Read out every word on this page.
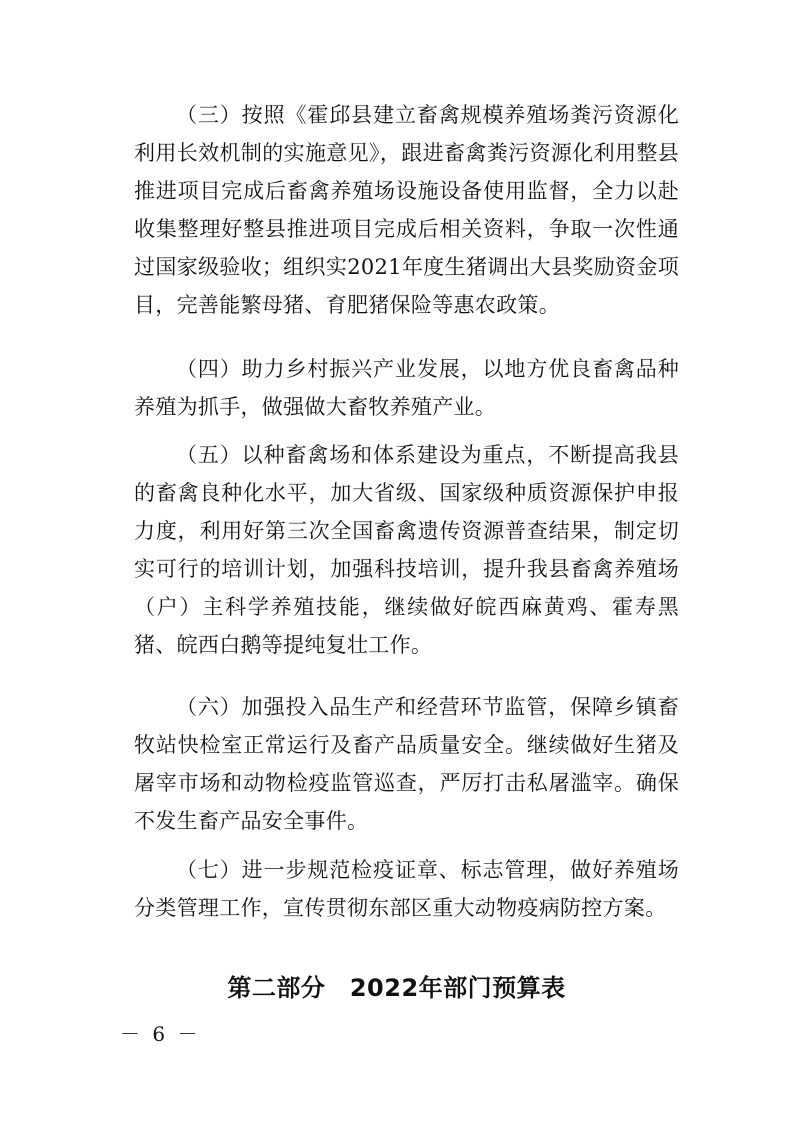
（三）按照《霍邱县建立畜禽规模养殖场粪污资源化利用长效机制的实施意见》，跟进畜禽粪污资源化利用整县推进项目完成后畜禽养殖场设施设备使用监督，全力以赴收集整理好整县推进项目完成后相关资料，争取一次性通过国家级验收；组织实2021年度生猪调出大县奖励资金项目，完善能繁母猪、育肥猪保险等惠农政策。

（四）助力乡村振兴产业发展，以地方优良畜禽品种养殖为抓手，做强做大畜牧养殖产业。

（五）以种畜禽场和体系建设为重点，不断提高我县的畜禽良种化水平，加大省级、国家级种质资源保护申报力度，利用好第三次全国畜禽遗传资源普查结果，制定切实可行的培训计划，加强科技培训，提升我县畜禽养殖场（户）主科学养殖技能，继续做好皖西麻黄鸡、霍寿黑猪、皖西白鹅等提纯复壮工作。

（六）加强投入品生产和经营环节监管，保障乡镇畜牧站快检室正常运行及畜产品质量安全。继续做好生猪及屠宰市场和动物检疫监管巡查，严厉打击私屠滥宰。确保不发生畜产品安全事件。

（七）进一步规范检疫证章、标志管理，做好养殖场分类管理工作，宣传贯彻东部区重大动物疫病防控方案。

第二部分　2022年部门预算表

－ 6 －
